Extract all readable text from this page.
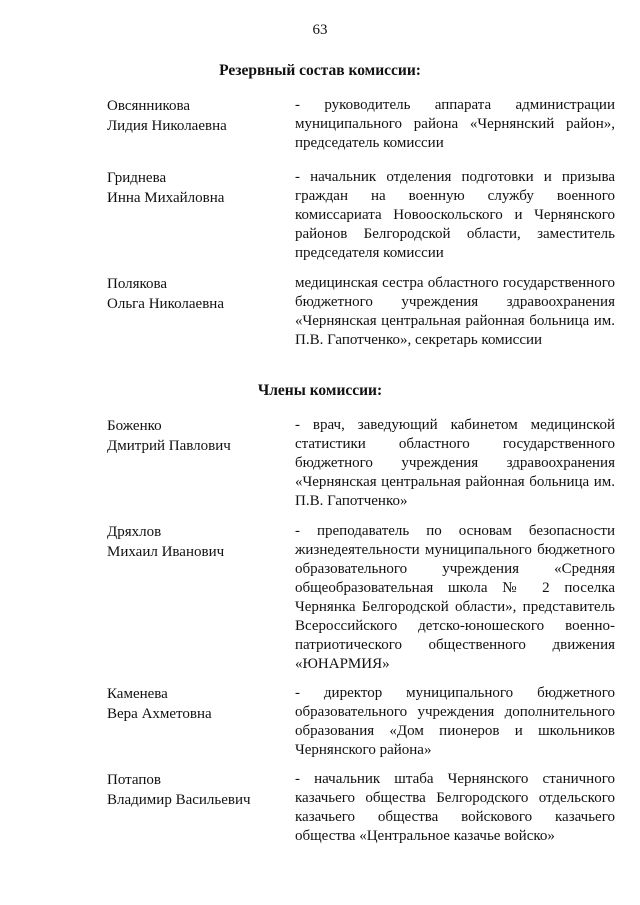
63
Резервный состав комиссии:
Овсянникова
Лидия Николаевна
- руководитель аппарата администрации муниципального района «Чернянский район», председатель комиссии
Гриднева
Инна Михайловна
- начальник отделения подготовки и призыва граждан на военную службу военного комиссариата Новооскольского и Чернянского районов Белгородской области, заместитель председателя комиссии
Полякова
Ольга Николаевна
медицинская сестра областного государственного бюджетного учреждения здравоохранения «Чернянская центральная районная больница им. П.В. Гапотченко», секретарь комиссии
Члены комиссии:
Боженко
Дмитрий Павлович
- врач, заведующий кабинетом медицинской статистики областного государственного бюджетного учреждения здравоохранения «Чернянская центральная районная больница им. П.В. Гапотченко»
Дряхлов
Михаил Иванович
- преподаватель по основам безопасности жизнедеятельности муниципального бюджетного образовательного учреждения «Средняя общеобразовательная школа № 2 поселка Чернянка Белгородской области», представитель Всероссийского детско-юношеского военно-патриотического общественного движения «ЮНАРМИЯ»
Каменева
Вера Ахметовна
- директор муниципального бюджетного образовательного учреждения дополнительного образования «Дом пионеров и школьников Чернянского района»
Потапов
Владимир Васильевич
- начальник штаба Чернянского станичного казачьего общества Белгородского отдельского казачьего общества войскового казачьего общества «Центральное казачье войско»
